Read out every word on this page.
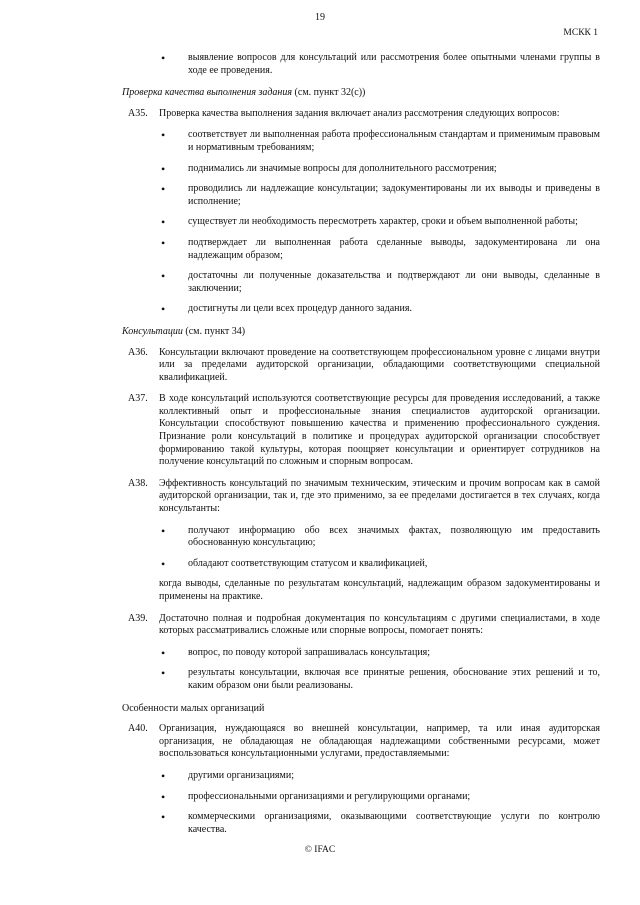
19
МСКК 1
• выявление вопросов для консультаций или рассмотрения более опытными членами группы в ходе ее проведения.
Проверка качества выполнения задания (см. пункт 32(c))
А35. Проверка качества выполнения задания включает анализ рассмотрения следующих вопросов:
• соответствует ли выполненная работа профессиональным стандартам и применимым правовым и нормативным требованиям;
• поднимались ли значимые вопросы для дополнительного рассмотрения;
• проводились ли надлежащие консультации; задокументированы ли их выводы и приведены в исполнение;
• существует ли необходимость пересмотреть характер, сроки и объем выполненной работы;
• подтверждает ли выполненная работа сделанные выводы, задокументирована ли она надлежащим образом;
• достаточны ли полученные доказательства и подтверждают ли они выводы, сделанные в заключении;
• достигнуты ли цели всех процедур данного задания.
Консультации (см. пункт 34)
А36. Консультации включают проведение на соответствующем профессиональном уровне с лицами внутри или за пределами аудиторской организации, обладающими соответствующими специальной квалификацией.
А37. В ходе консультаций используются соответствующие ресурсы для проведения исследований, а также коллективный опыт и профессиональные знания специалистов аудиторской организации. Консультации способствуют повышению качества и применению профессионального суждения. Признание роли консультаций в политике и процедурах аудиторской организации способствует формированию такой культуры, которая поощряет консультации и ориентирует сотрудников на получение консультаций по сложным и спорным вопросам.
А38. Эффективность консультаций по значимым техническим, этическим и прочим вопросам как в самой аудиторской организации, так и, где это применимо, за ее пределами достигается в тех случаях, когда консультанты:
• получают информацию обо всех значимых фактах, позволяющую им предоставить обоснованную консультацию;
• обладают соответствующим статусом и квалификацией,
когда выводы, сделанные по результатам консультаций, надлежащим образом задокументированы и применены на практике.
А39. Достаточно полная и подробная документация по консультациям с другими специалистами, в ходе которых рассматривались сложные или спорные вопросы, помогает понять:
• вопрос, по поводу которой запрашивалась консультация;
• результаты консультации, включая все принятые решения, обоснование этих решений и то, каким образом они были реализованы.
Особенности малых организаций
А40. Организация, нуждающаяся во внешней консультации, например, та или иная аудиторская организация, не обладающая не обладающая надлежащими собственными ресурсами, может воспользоваться консультационными услугами, предоставляемыми:
• другими организациями;
• профессиональными организациями и регулирующими органами;
• коммерческими организациями, оказывающими соответствующие услуги по контролю качества.
© IFAC
